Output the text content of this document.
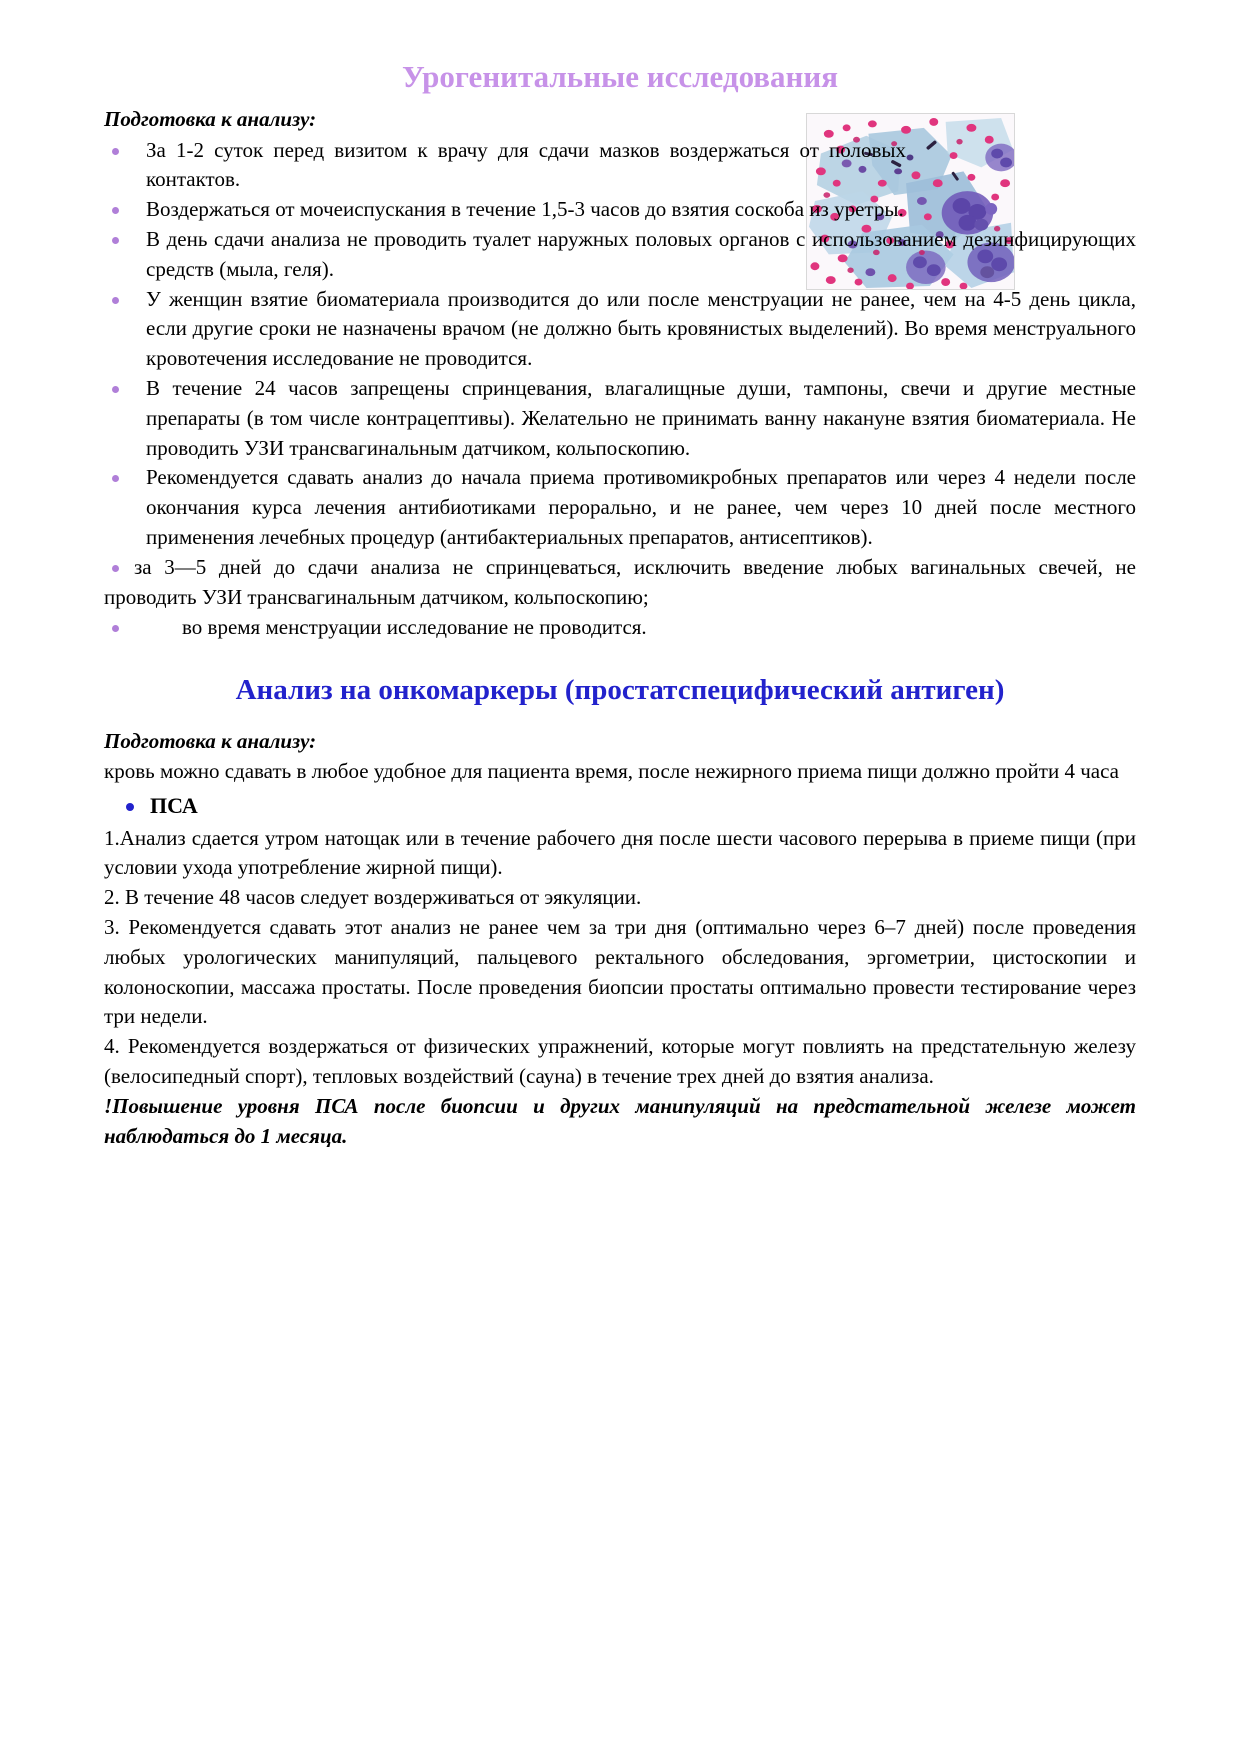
Урогенитальные исследования
Подготовка к анализу:
За 1-2 суток перед визитом к врачу для сдачи мазков воздержаться от половых контактов.
Воздержаться от мочеиспускания в течение 1,5-3 часов до взятия соскоба из уретры.
В день сдачи анализа не проводить туалет наружных половых органов с использованием дезинфицирующих средств (мыла, геля).
У женщин взятие биоматериала производится до или после менструации не ранее, чем на 4-5 день цикла, если другие сроки не назначены врачом (не должно быть кровянистых выделений). Во время менструального кровотечения исследование не проводится.
В течение 24 часов запрещены спринцевания, влагалищные души, тампоны, свечи и другие местные препараты (в том числе контрацептивы). Желательно не принимать ванну накануне взятия биоматериала. Не проводить УЗИ трансвагинальным датчиком, кольпоскопию.
Рекомендуется сдавать анализ до начала приема противомикробных препаратов или через 4 недели после окончания курса лечения антибиотиками перорально, и не ранее, чем через 10 дней после местного применения лечебных процедур (антибактериальных препаратов, антисептиков).
за 3—5 дней до сдачи анализа не спринцеваться, исключить введение любых вагинальных свечей, не проводить УЗИ трансвагинальным датчиком, кольпоскопию;
во время менструации исследование не проводится.
Анализ на онкомаркеры (простатспецифический антиген)
Подготовка к анализу:

кровь можно сдавать в любое удобное для пациента время, после нежирного приема пищи должно пройти 4 часа

ПСА

1.Анализ сдается утром натощак или в течение рабочего дня после шести часового перерыва в приеме пищи (при условии ухода употребление жирной пищи).

2. В течение 48 часов следует воздерживаться от эякуляции.

3. Рекомендуется сдавать этот анализ не ранее чем за три дня (оптимально через 6–7 дней) после проведения любых урологических манипуляций, пальцевого ректального обследования, эргометрии, цистоскопии и колоноскопии, массажа простаты. После проведения биопсии простаты оптимально провести тестирование через три недели.

4. Рекомендуется воздержаться от физических упражнений, которые могут повлиять на предстательную железу (велосипедный спорт), тепловых воздействий (сауна) в течение трех дней до взятия анализа.

!Повышение уровня ПСА после биопсии и других манипуляций на предстательной железе может наблюдаться до 1 месяца.
